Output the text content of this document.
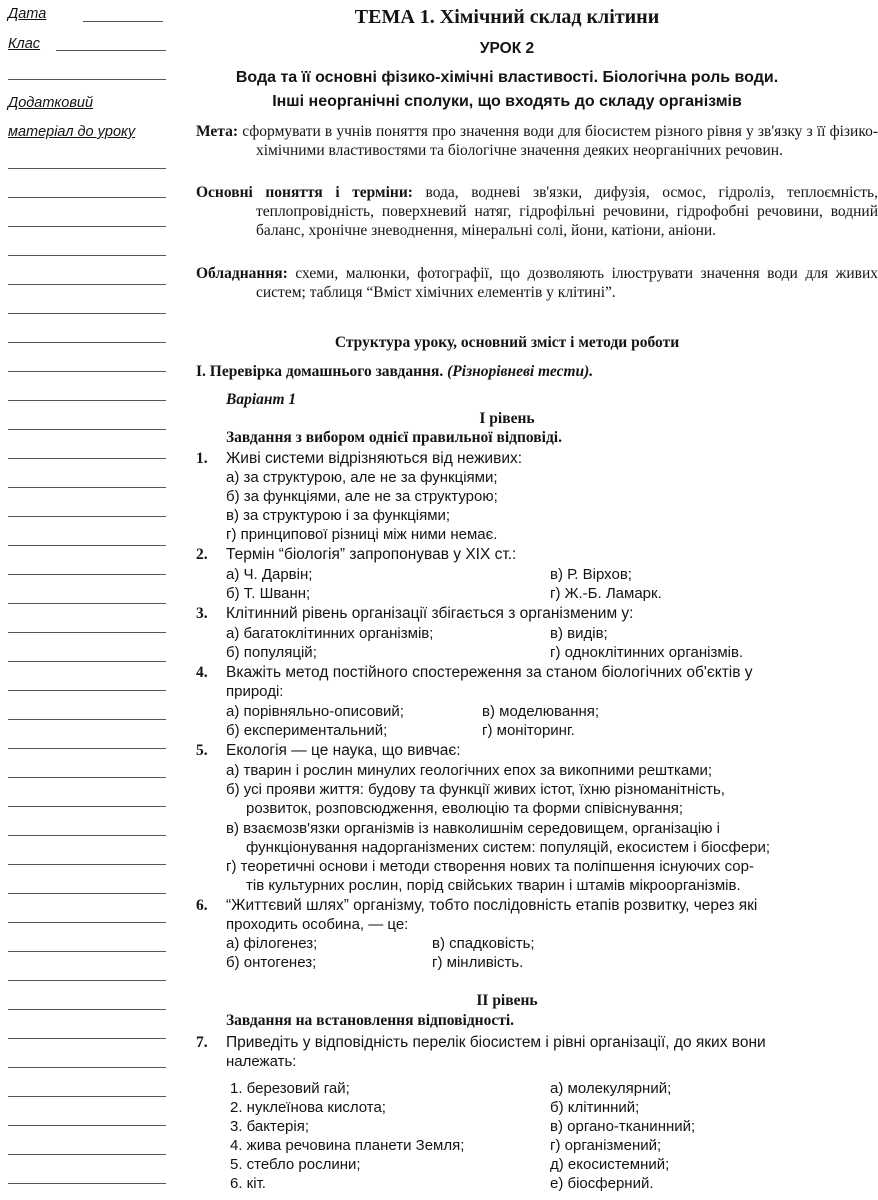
Дата
Клас
Додатковий
матеріал до уроку
ТЕМА 1. Хімічний склад клітини
УРОК 2
Вода та її основні фізико-хімічні властивості. Біологічна роль води.
Інші неорганічні сполуки, що входять до складу організмів
Мета: сформувати в учнів поняття про значення води для біосистем різного рівня у зв'язку з її фізико-хімічними властивостями та біологічне значення деяких неорганічних речовин.
Основні поняття і терміни: вода, водневі зв'язки, дифузія, осмос, гідроліз, теплоємність, теплопровідність, поверхневий натяг, гідрофільні речовини, гідрофобні речовини, водний баланс, хронічне зневоднення, мінеральні солі, йони, катіони, аніони.
Обладнання: схеми, малюнки, фотографії, що дозволяють ілюструвати значення води для живих систем; таблиця “Вміст хімічних елементів у клітині”.
Структура уроку, основний зміст і методи роботи
І. Перевірка домашнього завдання. (Різнорівневі тести).
Варіант 1
І рівень
Завдання з вибором однієї правильної відповіді.
1. Живі системи відрізняються від неживих:
а) за структурою, але не за функціями;
б) за функціями, але не за структурою;
в) за структурою і за функціями;
г) принципової різниці між ними немає.
2. Термін “біологія” запропонував у XIX ст.:
а) Ч. Дарвін;
б) Т. Шванн;
в) Р. Вірхов;
г) Ж.-Б. Ламарк.
3. Клітинний рівень організації збігається з організменим у:
а) багатоклітинних організмів;
б) популяцій;
в) видів;
г) одноклітинних організмів.
4. Вкажіть метод постійного спостереження за станом біологічних об'єктів у
природі:
а) порівняльно-описовий;
б) експериментальний;
в) моделювання;
г) моніторинг.
5. Екологія — це наука, що вивчає:
а) тварин і рослин минулих геологічних епох за викопними рештками;
б) усі прояви життя: будову та функції живих істот, їхню різноманітність,
розвиток, розповсюдження, еволюцію та форми співіснування;
в) взаємозв'язки організмів із навколишнім середовищем, організацію і
функціонування надорганізмених систем: популяцій, екосистем і біосфери;
г) теоретичні основи і методи створення нових та поліпшення існуючих сор-
тів культурних рослин, порід свійських тварин і штамів мікроорганізмів.
6. “Життєвий шлях” організму, тобто послідовність етапів розвитку, через які
проходить особина, — це:
а) філогенез;
б) онтогенез;
в) спадковість;
г) мінливість.
ІІ рівень
Завдання на встановлення відповідності.
7. Приведіть у відповідність перелік біосистем і рівні організації, до яких вони
належать:
1. березовий гай;
2. нуклеїнова кислота;
3. бактерія;
4. жива речовина планети Земля;
5. стебло рослини;
6. кіт.
а) молекулярний;
б) клітинний;
в) органо-тканинний;
г) організмений;
д) екосистемний;
е) біосферний.
